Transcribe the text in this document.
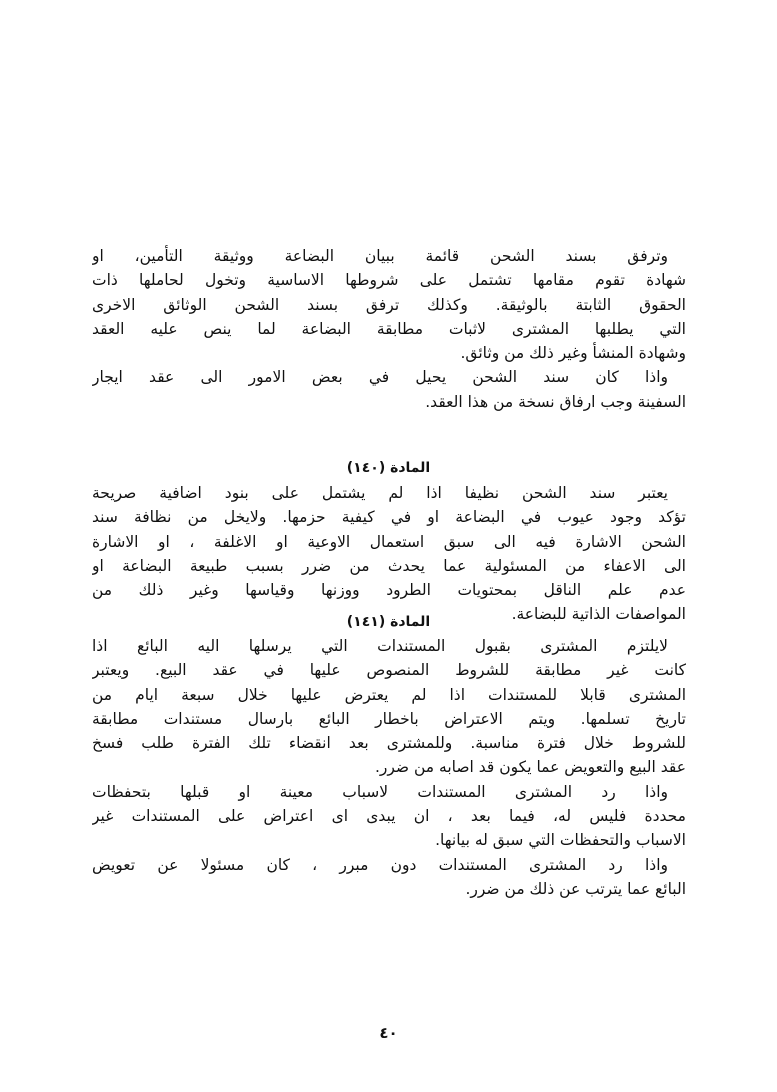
وترفق بسند الشحن قائمة ببيان البضاعة ووثيقة التأمين، او
شهادة تقوم مقامها تشتمل على شروطها الاساسية وتخول لحاملها ذات
الحقوق الثابتة بالوثيقة. وكذلك ترفق بسند الشحن الوثائق الاخرى
التي يطلبها المشترى لاثبات مطابقة البضاعة لما ينص عليه العقد
وشهادة المنشأ وغير ذلك من وثائق.
واذا كان سند الشحن يحيل في بعض الامور الى عقد ايجار
السفينة وجب ارفاق نسخة من هذا العقد.
المادة (١٤٠)
يعتبر سند الشحن نظيفا اذا لم يشتمل على بنود اضافية صريحة
تؤكد وجود عيوب في البضاعة او في كيفية حزمها. ولايخل من نظافة سند
الشحن الاشارة فيه الى سبق استعمال الاوعية او الاغلفة ، او الاشارة
الى الاعفاء من المسئولية عما يحدث من ضرر بسبب طبيعة البضاعة او
عدم علم الناقل بمحتويات الطرود ووزنها وقياسها وغير ذلك من
المواصفات الذاتية للبضاعة.
المادة (١٤١)
لايلتزم المشترى بقبول المستندات التي يرسلها اليه البائع اذا
كانت غير مطابقة للشروط المنصوص عليها في عقد البيع. ويعتبر
المشترى قابلا للمستندات اذا لم يعترض عليها خلال سبعة ايام من
تاريخ تسلمها. ويتم الاعتراض باخطار البائع بارسال مستندات مطابقة
للشروط خلال فترة مناسبة. وللمشترى بعد انقضاء تلك الفترة طلب فسخ
عقد البيع والتعويض عما يكون قد اصابه من ضرر.
واذا رد المشترى المستندات لاسباب معينة او قبلها بتحفظات
محددة فليس له، فيما بعد ، ان يبدى اى اعتراض على المستندات غير
الاسباب والتحفظات التي سبق له بيانها.
واذا رد المشترى المستندات دون مبرر ، كان مسئولا عن تعويض
البائع عما يترتب عن ذلك من ضرر.
٤٠
